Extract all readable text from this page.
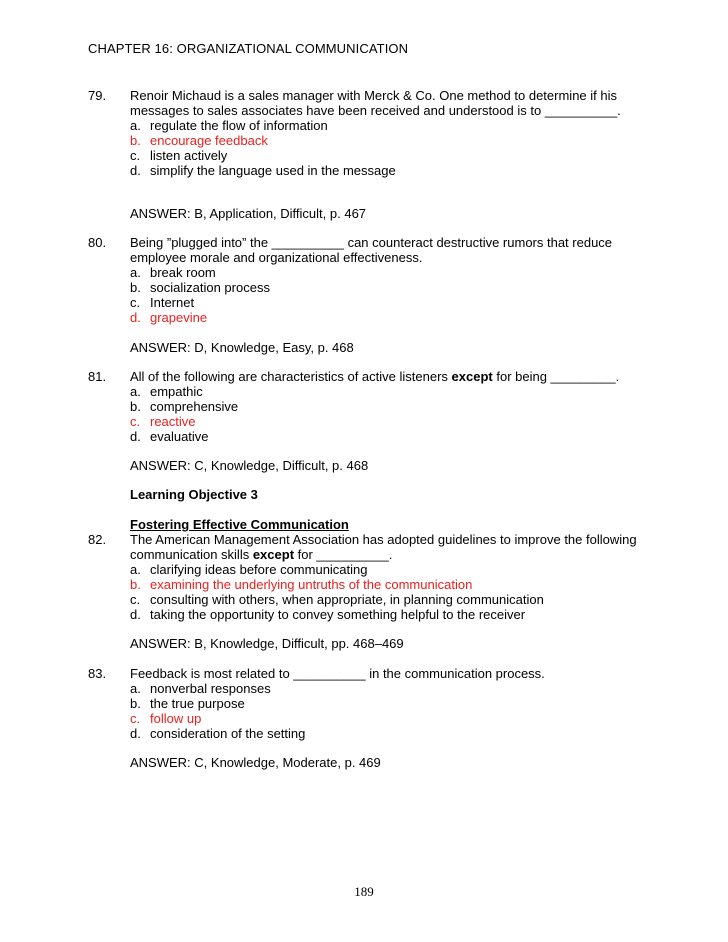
CHAPTER 16: ORGANIZATIONAL COMMUNICATION
79.	Renoir Michaud is a sales manager with Merck & Co. One method to determine if his messages to sales associates have been received and understood is to __________.
a. regulate the flow of information
b. encourage feedback
c. listen actively
d. simplify the language used in the message
ANSWER: B, Application, Difficult, p. 467
80.	Being ”plugged into” the __________ can counteract destructive rumors that reduce employee morale and organizational effectiveness.
a. break room
b. socialization process
c. Internet
d. grapevine
ANSWER: D, Knowledge, Easy, p. 468
81.	All of the following are characteristics of active listeners except for being _________.
a. empathic
b. comprehensive
c. reactive
d. evaluative
ANSWER: C, Knowledge, Difficult, p. 468
Learning Objective 3
Fostering Effective Communication
82.	The American Management Association has adopted guidelines to improve the following communication skills except for __________.
a. clarifying ideas before communicating
b. examining the underlying untruths of the communication
c. consulting with others, when appropriate, in planning communication
d. taking the opportunity to convey something helpful to the receiver
ANSWER: B, Knowledge, Difficult, pp. 468–469
83.	Feedback is most related to __________ in the communication process.
a. nonverbal responses
b. the true purpose
c. follow up
d. consideration of the setting
ANSWER: C, Knowledge, Moderate, p. 469
189
